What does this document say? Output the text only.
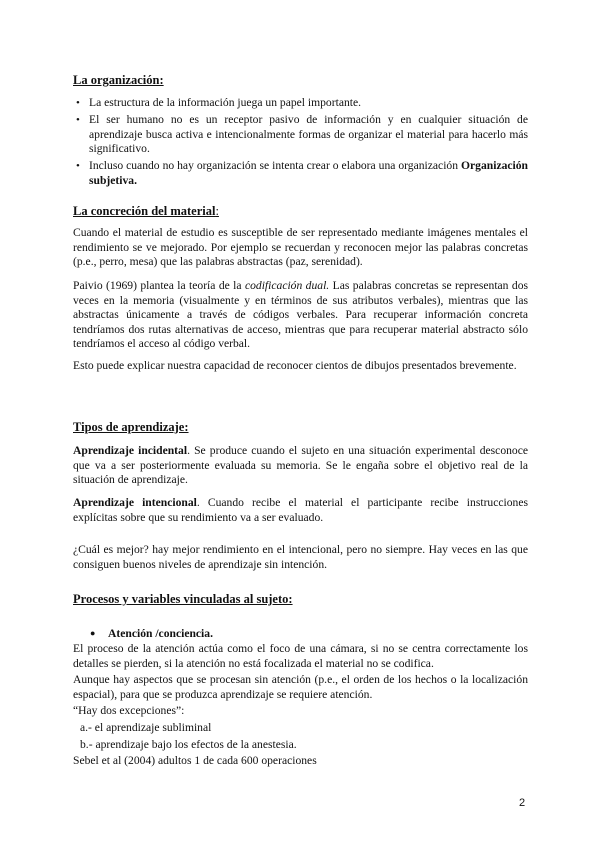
La organización:
• La estructura de la información juega un papel importante.
• El ser humano no es un receptor pasivo de información y en cualquier situación de aprendizaje busca activa e intencionalmente formas de organizar el material para hacerlo más significativo.
• Incluso cuando no hay organización se intenta crear o elabora una organización Organización subjetiva.
La concreción del material:
Cuando el material de estudio es susceptible de ser representado mediante imágenes mentales el rendimiento se ve mejorado. Por ejemplo se recuerdan y reconocen mejor las palabras concretas (p.e., perro, mesa) que las palabras abstractas (paz, serenidad).
Paivio (1969) plantea la teoría de la codificación dual. Las palabras concretas se representan dos veces en la memoria (visualmente y en términos de sus atributos verbales), mientras que las abstractas únicamente a través de códigos verbales. Para recuperar información concreta tendríamos dos rutas alternativas de acceso, mientras que para recuperar material abstracto sólo tendríamos el acceso al código verbal.
Esto puede explicar nuestra capacidad de reconocer cientos de dibujos presentados brevemente.
Tipos de aprendizaje:
Aprendizaje incidental. Se produce cuando el sujeto en una situación experimental desconoce que va a ser posteriormente evaluada su memoria. Se le engaña sobre el objetivo real de la situación de aprendizaje.
Aprendizaje intencional. Cuando recibe el material el participante recibe instrucciones explícitas sobre que su rendimiento va a ser evaluado.
¿Cuál es mejor? hay mejor rendimiento en el intencional, pero no siempre. Hay veces en las que consiguen buenos niveles de aprendizaje sin intención.
Procesos y variables vinculadas al sujeto:
● Atención /conciencia.
El proceso de la atención actúa como el foco de una cámara, si no se centra correctamente los detalles se pierden, si la atención no está focalizada el material no se codifica.
Aunque hay aspectos que se procesan sin atención (p.e., el orden de los hechos o la localización espacial), para que se produzca aprendizaje se requiere atención.
“Hay dos excepciones”:
a.- el aprendizaje subliminal
b.- aprendizaje bajo los efectos de la anestesia.
Sebel et al (2004) adultos 1 de cada 600 operaciones
2
